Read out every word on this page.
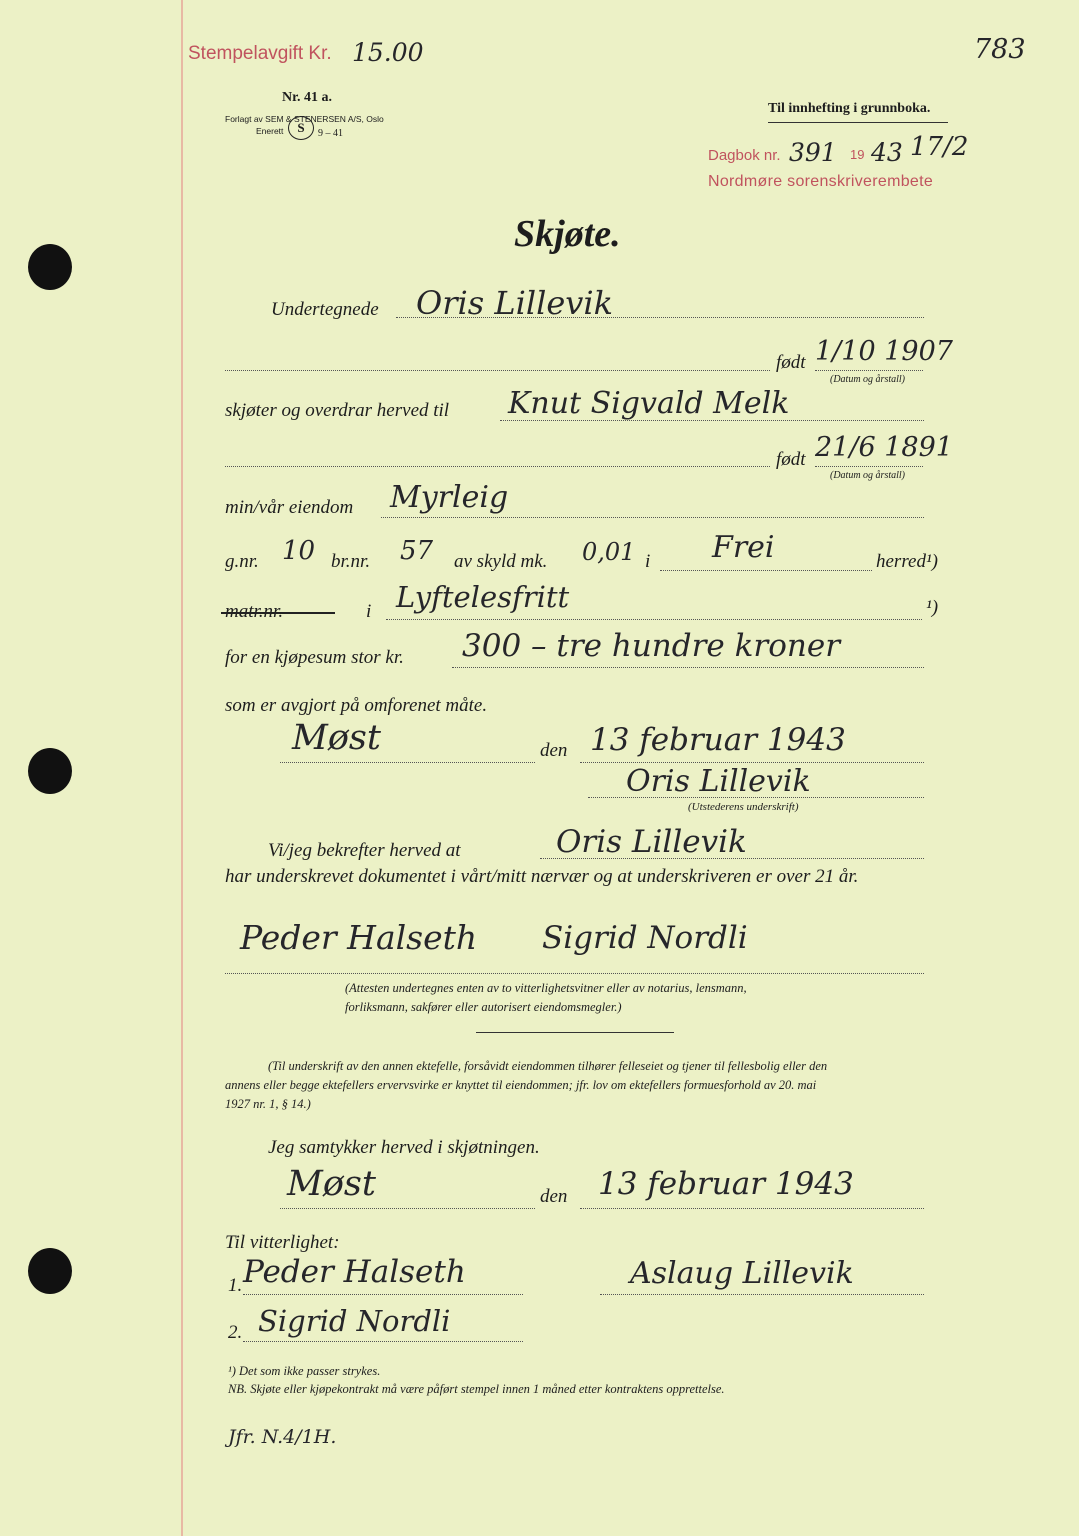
Stempelavgift Kr. 15.00
Nr. 41 a.
Forlagt av SEM & STENERSEN A/S, Oslo
Enerett	S	9 – 41
783
Til innhefting i grunnboka.
Dagbok nr. 391 19 43 17/2
Nordmøre sorenskriverembete
Skjøte.
Undertegnede Oris Lillevik
født 1/10 1907
(Datum og årstall)
skjøter og overdrar herved til Knut Sigvald Melk
født 21/6 1891
(Datum og årstall)
min/vår eiendom Myrleig
g.nr. 10 br.nr. 57 av skyld mk. 0,01 i Frei	herred¹)
matr.nr.	i Lyftelesfritt	¹)
for en kjøpesum stor kr. 300 – tre hundre kroner
som er avgjort på omforenet måte.
Møst	den 13 februar 1943
Oris Lillevik
(Utstederens underskrift)
Vi/jeg bekrefter herved at	Oris Lillevik
har underskrevet dokumentet i vårt/mitt nærvær og at underskriveren er over 21 år.
Peder Halseth Sigrid Nordli
(Attesten undertegnes enten av to vitterlighetsvitner eller av notarius, lensmann,
forliksmann, sakfører eller autorisert eiendomsmegler.)
(Til underskrift av den annen ektefelle, forsåvidt eiendommen tilhører felleseiet og tjener til fellesbolig eller den
annens eller begge ektefellers ervervsvirke er knyttet til eiendommen; jfr. lov om ektefellers formuesforhold av 20. mai
1927 nr. 1, § 14.)
Jeg samtykker herved i skjøtningen.
Møst	den 13 februar 1943
Til vitterlighet:
1. Peder Halseth	Aslaug Lillevik
2. Sigrid Nordli
¹) Det som ikke passer strykes.
NB. Skjøte eller kjøpekontrakt må være påført stempel innen 1 måned etter kontraktens opprettelse.
Jfr. N.4/1H.
